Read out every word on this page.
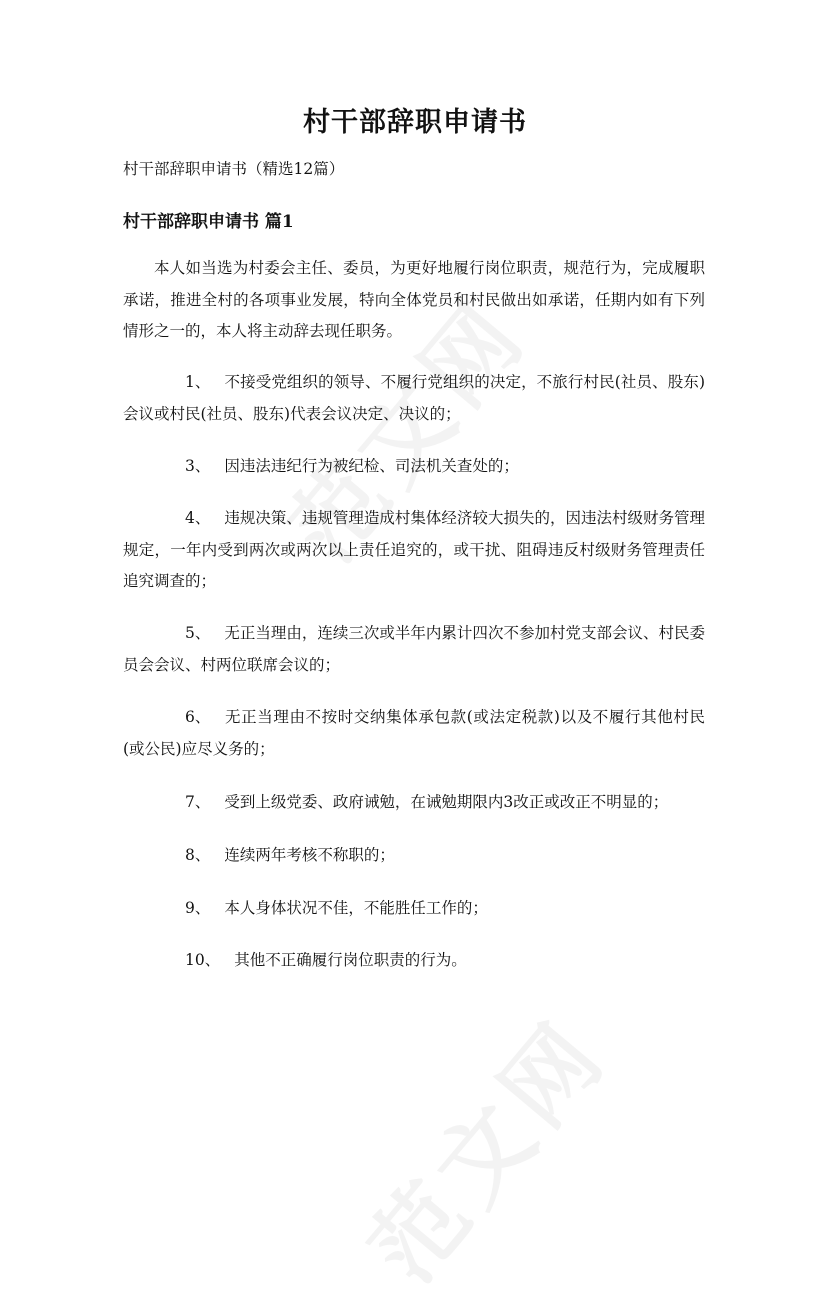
村干部辞职申请书

村干部辞职申请书（精选12篇）

村干部辞职申请书 篇1

本人如当选为村委会主任、委员，为更好地履行岗位职责，规范行为，完成履职承诺，推进全村的各项事业发展，特向全体党员和村民做出如承诺，任期内如有下列情形之一的，本人将主动辞去现任职务。

1、 不接受党组织的领导、不履行党组织的决定，不旅行村民(社员、股东)会议或村民(社员、股东)代表会议决定、决议的；

3、 因违法违纪行为被纪检、司法机关查处的；

4、 违规决策、违规管理造成村集体经济较大损失的，因违法村级财务管理规定，一年内受到两次或两次以上责任追究的，或干扰、阻碍违反村级财务管理责任追究调查的；

5、 无正当理由，连续三次或半年内累计四次不参加村党支部会议、村民委员会会议、村两位联席会议的；

6、 无正当理由不按时交纳集体承包款(或法定税款)以及不履行其他村民(或公民)应尽义务的；

7、 受到上级党委、政府诫勉，在诫勉期限内3改正或改正不明显的；

8、 连续两年考核不称职的；

9、 本人身体状况不佳，不能胜任工作的；

10、 其他不正确履行岗位职责的行为。
